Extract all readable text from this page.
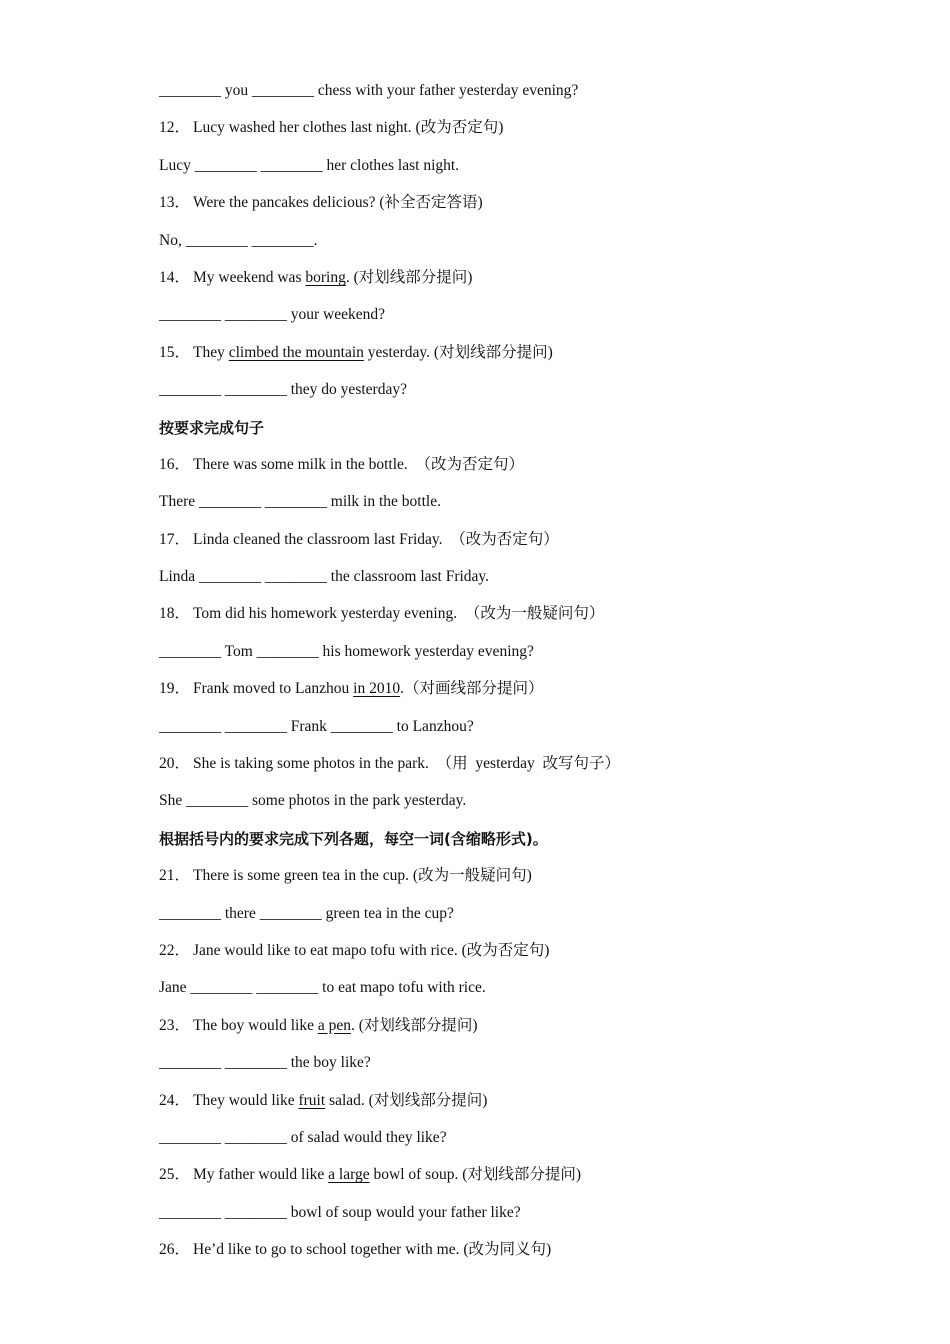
________ you ________ chess with your father yesterday evening?
12． Lucy washed her clothes last night. (改为否定句)
Lucy ________ ________ her clothes last night.
13． Were the pancakes delicious? (补全否定答语)
No, ________ ________.
14． My weekend was boring. (对划线部分提问)
________ ________ your weekend?
15． They climbed the mountain yesterday. (对划线部分提问)
________ ________ they do yesterday?
按要求完成句子
16． There was some milk in the bottle.  （改为否定句）
There ________ ________ milk in the bottle.
17． Linda cleaned the classroom last Friday.  （改为否定句）
Linda ________ ________ the classroom last Friday.
18． Tom did his homework yesterday evening.  （改为一般疑问句）
________ Tom ________ his homework yesterday evening?
19． Frank moved to Lanzhou in 2010.（对画线部分提问）
________ ________ Frank ________ to Lanzhou?
20． She is taking some photos in the park.  （用  yesterday  改写句子）
She ________ some photos in the park yesterday.
根据括号内的要求完成下列各题，每空一词(含缩略形式)。
21． There is some green tea in the cup. (改为一般疑问句)
________ there ________ green tea in the cup?
22． Jane would like to eat mapo tofu with rice. (改为否定句)
Jane ________ ________ to eat mapo tofu with rice.
23． The boy would like a pen. (对划线部分提问)
________ ________ the boy like?
24． They would like fruit salad. (对划线部分提问)
________ ________ of salad would they like?
25． My father would like a large bowl of soup. (对划线部分提问)
________ ________ bowl of soup would your father like?
26． He’d like to go to school together with me. (改为同义句)
